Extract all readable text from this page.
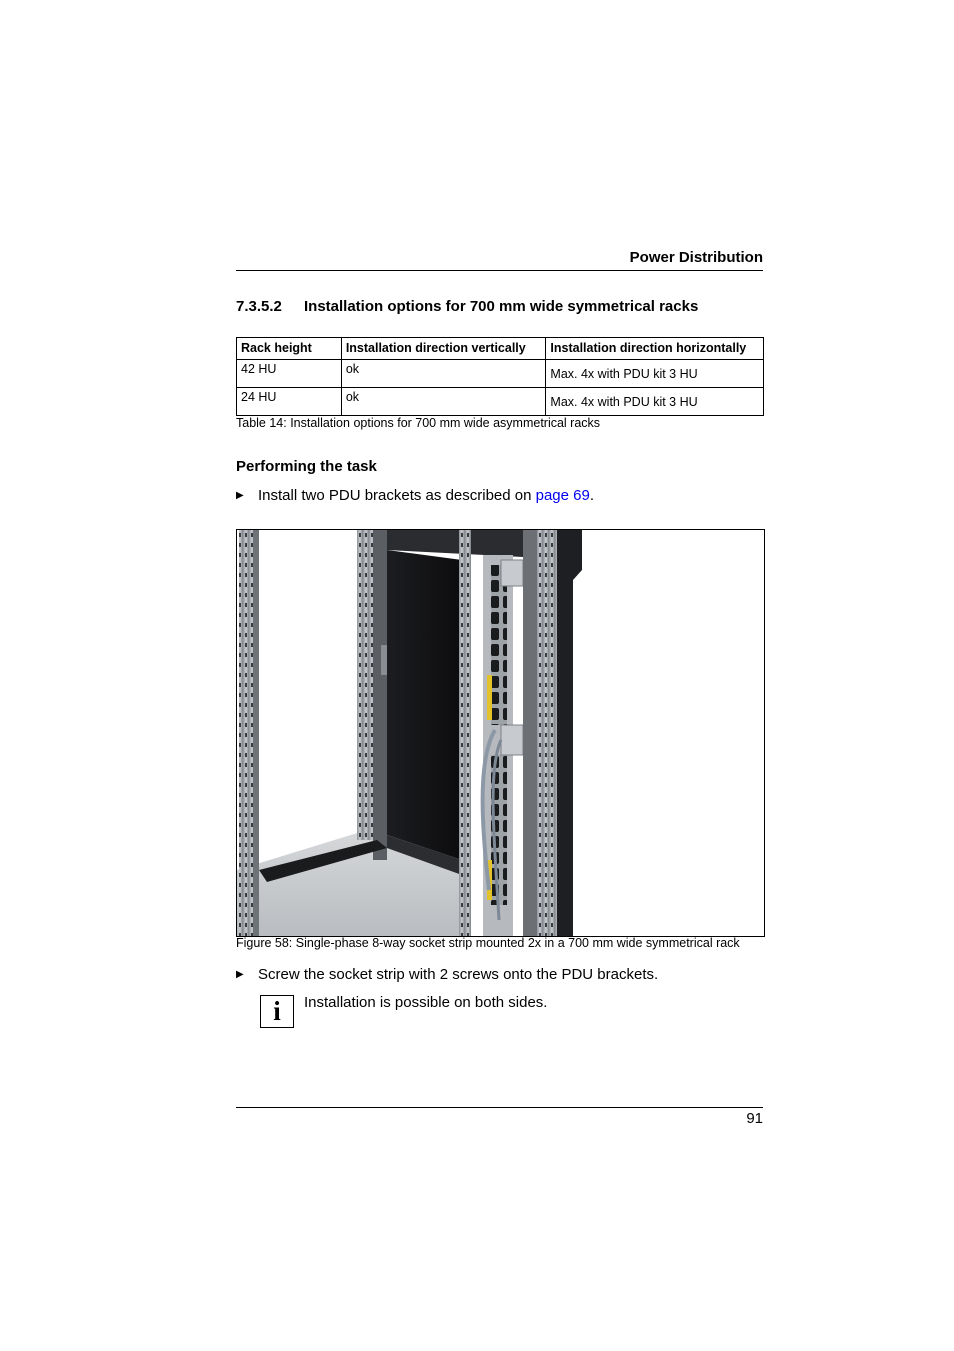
Power Distribution
7.3.5.2 Installation options for 700 mm wide symmetrical racks
Rack height	Installation direction vertically	Installation direction horizontally
42 HU	ok	Max. 4x with PDU kit 3 HU
24 HU	ok	Max. 4x with PDU kit 3 HU
Table 14: Installation options for 700 mm wide asymmetrical racks
Performing the task
▶ Install two PDU brackets as described on page 69.
Figure 58: Single-phase 8-way socket strip mounted 2x in a 700 mm wide symmetrical rack
▶ Screw the socket strip with 2 screws onto the PDU brackets.
i	Installation is possible on both sides.
91
